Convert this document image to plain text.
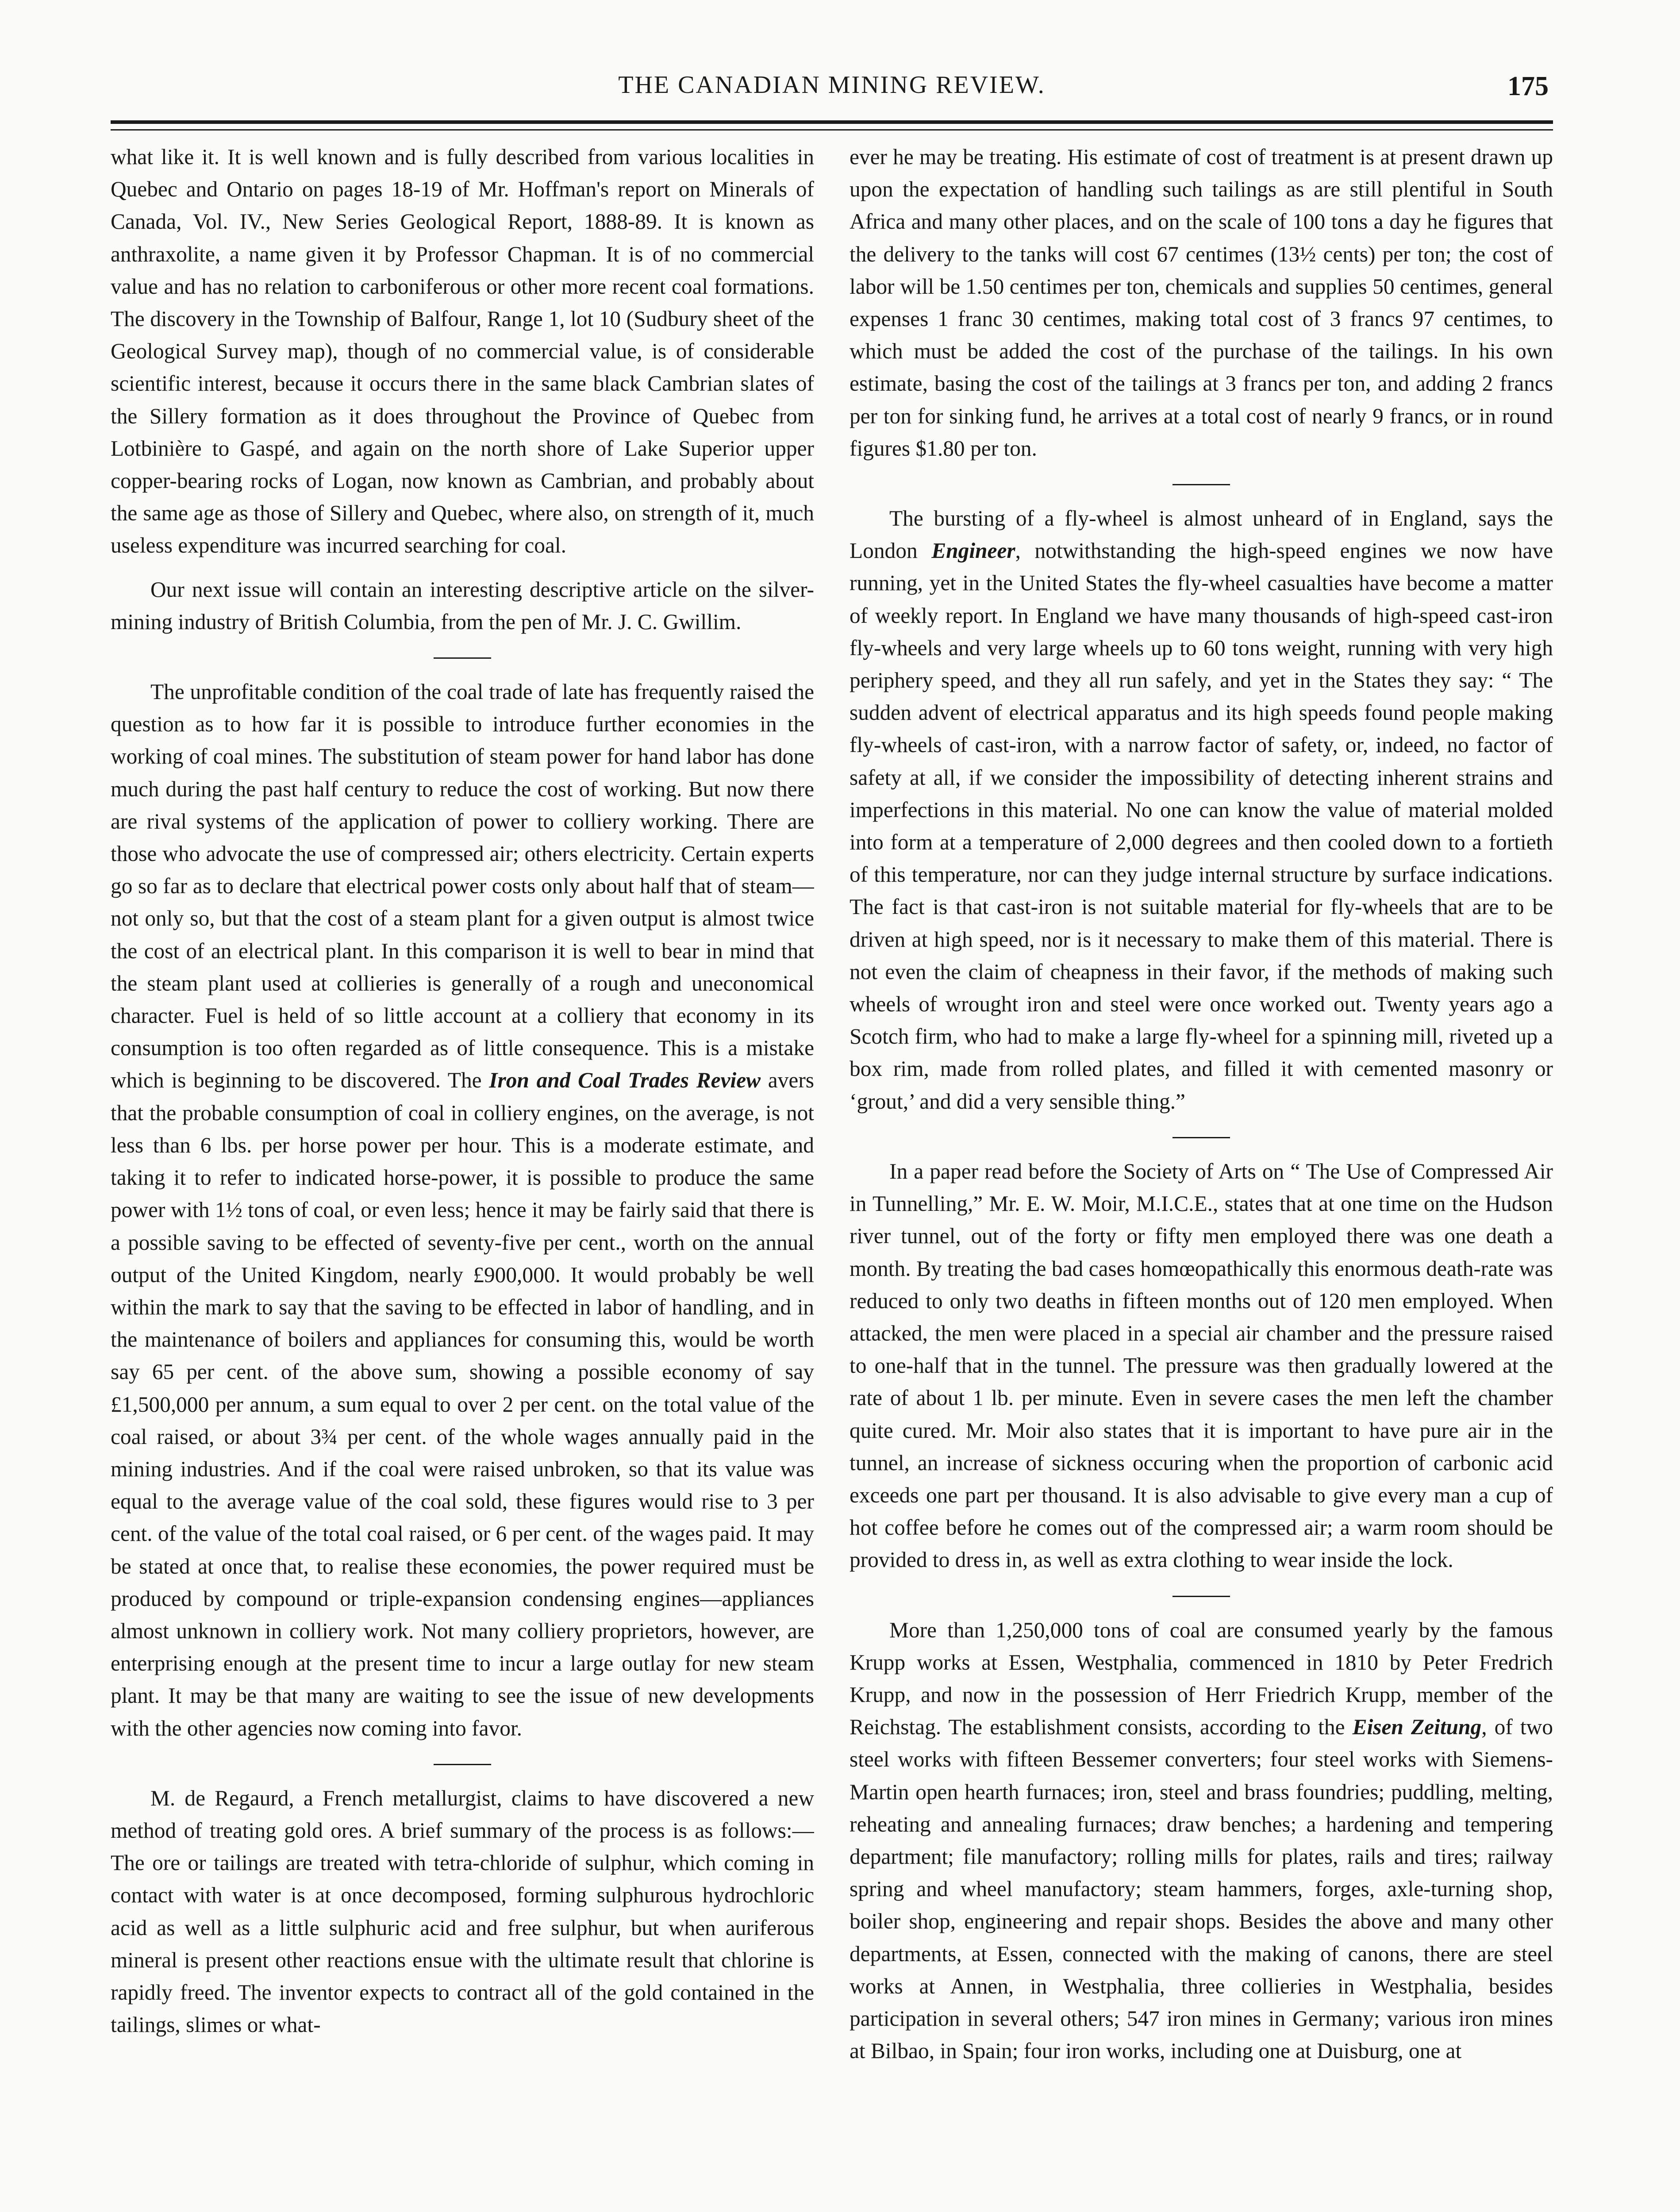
THE CANADIAN MINING REVIEW.	175

what like it. It is well known and is fully described from various localities in Quebec and Ontario on pages 18-19 of Mr. Hoffman's report on Minerals of Canada, Vol. IV., New Series Geological Report, 1888-89. It is known as anthraxolite, a name given it by Professor Chapman. It is of no commercial value and has no relation to carboniferous or other more recent coal formations. The discovery in the Township of Balfour, Range 1, lot 10 (Sudbury sheet of the Geological Survey map), though of no commercial value, is of considerable scientific interest, because it occurs there in the same black Cambrian slates of the Sillery formation as it does throughout the Province of Quebec from Lotbinière to Gaspé, and again on the north shore of Lake Superior upper copper-bearing rocks of Logan, now known as Cambrian, and probably about the same age as those of Sillery and Quebec, where also, on strength of it, much useless expenditure was incurred searching for coal.

Our next issue will contain an interesting descriptive article on the silver-mining industry of British Columbia, from the pen of Mr. J. C. Gwillim.

The unprofitable condition of the coal trade of late has frequently raised the question as to how far it is possible to introduce further economies in the working of coal mines. The substitution of steam power for hand labor has done much during the past half century to reduce the cost of working. But now there are rival systems of the application of power to colliery working. There are those who advocate the use of compressed air; others electricity. Certain experts go so far as to declare that electrical power costs only about half that of steam—not only so, but that the cost of a steam plant for a given output is almost twice the cost of an electrical plant. In this comparison it is well to bear in mind that the steam plant used at collieries is generally of a rough and uneconomical character. Fuel is held of so little account at a colliery that economy in its consumption is too often regarded as of little consequence. This is a mistake which is beginning to be discovered. The Iron and Coal Trades Review avers that the probable consumption of coal in colliery engines, on the average, is not less than 6 lbs. per horse power per hour. This is a moderate estimate, and taking it to refer to indicated horse-power, it is possible to produce the same power with 1½ tons of coal, or even less; hence it may be fairly said that there is a possible saving to be effected of seventy-five per cent., worth on the annual output of the United Kingdom, nearly £900,000. It would probably be well within the mark to say that the saving to be effected in labor of handling, and in the maintenance of boilers and appliances for consuming this, would be worth say 65 per cent. of the above sum, showing a possible economy of say £1,500,000 per annum, a sum equal to over 2 per cent. on the total value of the coal raised, or about 3¾ per cent. of the whole wages annually paid in the mining industries. And if the coal were raised unbroken, so that its value was equal to the average value of the coal sold, these figures would rise to 3 per cent. of the value of the total coal raised, or 6 per cent. of the wages paid. It may be stated at once that, to realise these economies, the power required must be produced by compound or triple-expansion condensing engines—appliances almost unknown in colliery work. Not many colliery proprietors, however, are enterprising enough at the present time to incur a large outlay for new steam plant. It may be that many are waiting to see the issue of new developments with the other agencies now coming into favor.

M. de Regaurd, a French metallurgist, claims to have discovered a new method of treating gold ores. A brief summary of the process is as follows:—The ore or tailings are treated with tetra-chloride of sulphur, which coming in contact with water is at once decomposed, forming sulphurous hydrochloric acid as well as a little sulphuric acid and free sulphur, but when auriferous mineral is present other reactions ensue with the ultimate result that chlorine is rapidly freed. The inventor expects to contract all of the gold contained in the tailings, slimes or what-

ever he may be treating. His estimate of cost of treatment is at present drawn up upon the expectation of handling such tailings as are still plentiful in South Africa and many other places, and on the scale of 100 tons a day he figures that the delivery to the tanks will cost 67 centimes (13½ cents) per ton; the cost of labor will be 1.50 centimes per ton, chemicals and supplies 50 centimes, general expenses 1 franc 30 centimes, making total cost of 3 francs 97 centimes, to which must be added the cost of the purchase of the tailings. In his own estimate, basing the cost of the tailings at 3 francs per ton, and adding 2 francs per ton for sinking fund, he arrives at a total cost of nearly 9 francs, or in round figures $1.80 per ton.

The bursting of a fly-wheel is almost unheard of in England, says the London Engineer, notwithstanding the high-speed engines we now have running, yet in the United States the fly-wheel casualties have become a matter of weekly report. In England we have many thousands of high-speed cast-iron fly-wheels and very large wheels up to 60 tons weight, running with very high periphery speed, and they all run safely, and yet in the States they say: “ The sudden advent of electrical apparatus and its high speeds found people making fly-wheels of cast-iron, with a narrow factor of safety, or, indeed, no factor of safety at all, if we consider the impossibility of detecting inherent strains and imperfections in this material. No one can know the value of material molded into form at a temperature of 2,000 degrees and then cooled down to a fortieth of this temperature, nor can they judge internal structure by surface indications. The fact is that cast-iron is not suitable material for fly-wheels that are to be driven at high speed, nor is it necessary to make them of this material. There is not even the claim of cheapness in their favor, if the methods of making such wheels of wrought iron and steel were once worked out. Twenty years ago a Scotch firm, who had to make a large fly-wheel for a spinning mill, riveted up a box rim, made from rolled plates, and filled it with cemented masonry or ‘grout,’ and did a very sensible thing.”

In a paper read before the Society of Arts on “ The Use of Compressed Air in Tunnelling,” Mr. E. W. Moir, M.I.C.E., states that at one time on the Hudson river tunnel, out of the forty or fifty men employed there was one death a month. By treating the bad cases homœopathically this enormous death-rate was reduced to only two deaths in fifteen months out of 120 men employed. When attacked, the men were placed in a special air chamber and the pressure raised to one-half that in the tunnel. The pressure was then gradually lowered at the rate of about 1 lb. per minute. Even in severe cases the men left the chamber quite cured. Mr. Moir also states that it is important to have pure air in the tunnel, an increase of sickness occuring when the proportion of carbonic acid exceeds one part per thousand. It is also advisable to give every man a cup of hot coffee before he comes out of the compressed air; a warm room should be provided to dress in, as well as extra clothing to wear inside the lock.

More than 1,250,000 tons of coal are consumed yearly by the famous Krupp works at Essen, Westphalia, commenced in 1810 by Peter Fredrich Krupp, and now in the possession of Herr Friedrich Krupp, member of the Reichstag. The establishment consists, according to the Eisen Zeitung, of two steel works with fifteen Bessemer converters; four steel works with Siemens-Martin open hearth furnaces; iron, steel and brass foundries; puddling, melting, reheating and annealing furnaces; draw benches; a hardening and tempering department; file manufactory; rolling mills for plates, rails and tires; railway spring and wheel manufactory; steam hammers, forges, axle-turning shop, boiler shop, engineering and repair shops. Besides the above and many other departments, at Essen, connected with the making of canons, there are steel works at Annen, in Westphalia, three collieries in Westphalia, besides participation in several others; 547 iron mines in Germany; various iron mines at Bilbao, in Spain; four iron works, including one at Duisburg, one at
